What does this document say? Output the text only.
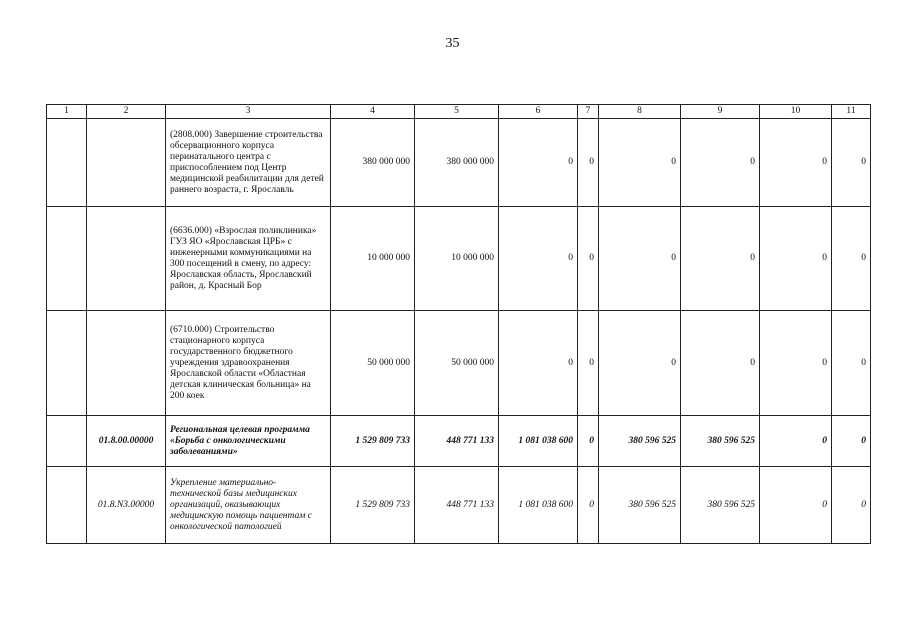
35
1	2	3	4	5	6	7	8	9	10	11
		(2808.000) Завершение строительства обсервационного корпуса перинатального центра с приспособлением под Центр медицинской реабилитации для детей раннего возраста, г. Ярославль	380 000 000	380 000 000	0	0	0	0	0	0
		(6636.000) «Взрослая поликлиника» ГУЗ ЯО «Ярославская ЦРБ» с инженерными коммуникациями на 300 посещений в смену, по адресу: Ярославская область, Ярославский район, д. Красный Бор	10 000 000	10 000 000	0	0	0	0	0	0
		(6710.000) Строительство стационарного корпуса государственного бюджетного учреждения здравоохранения Ярославской области «Областная детская клиническая больница» на 200 коек	50 000 000	50 000 000	0	0	0	0	0	0
	01.8.00.00000	Региональная целевая программа «Борьба с онкологическими заболеваниями»	1 529 809 733	448 771 133	1 081 038 600	0	380 596 525	380 596 525	0	0
	01.8.N3.00000	Укрепление материально-технической базы медицинских организаций, оказывающих медицинскую помощь пациентам с онкологической патологией	1 529 809 733	448 771 133	1 081 038 600	0	380 596 525	380 596 525	0	0
